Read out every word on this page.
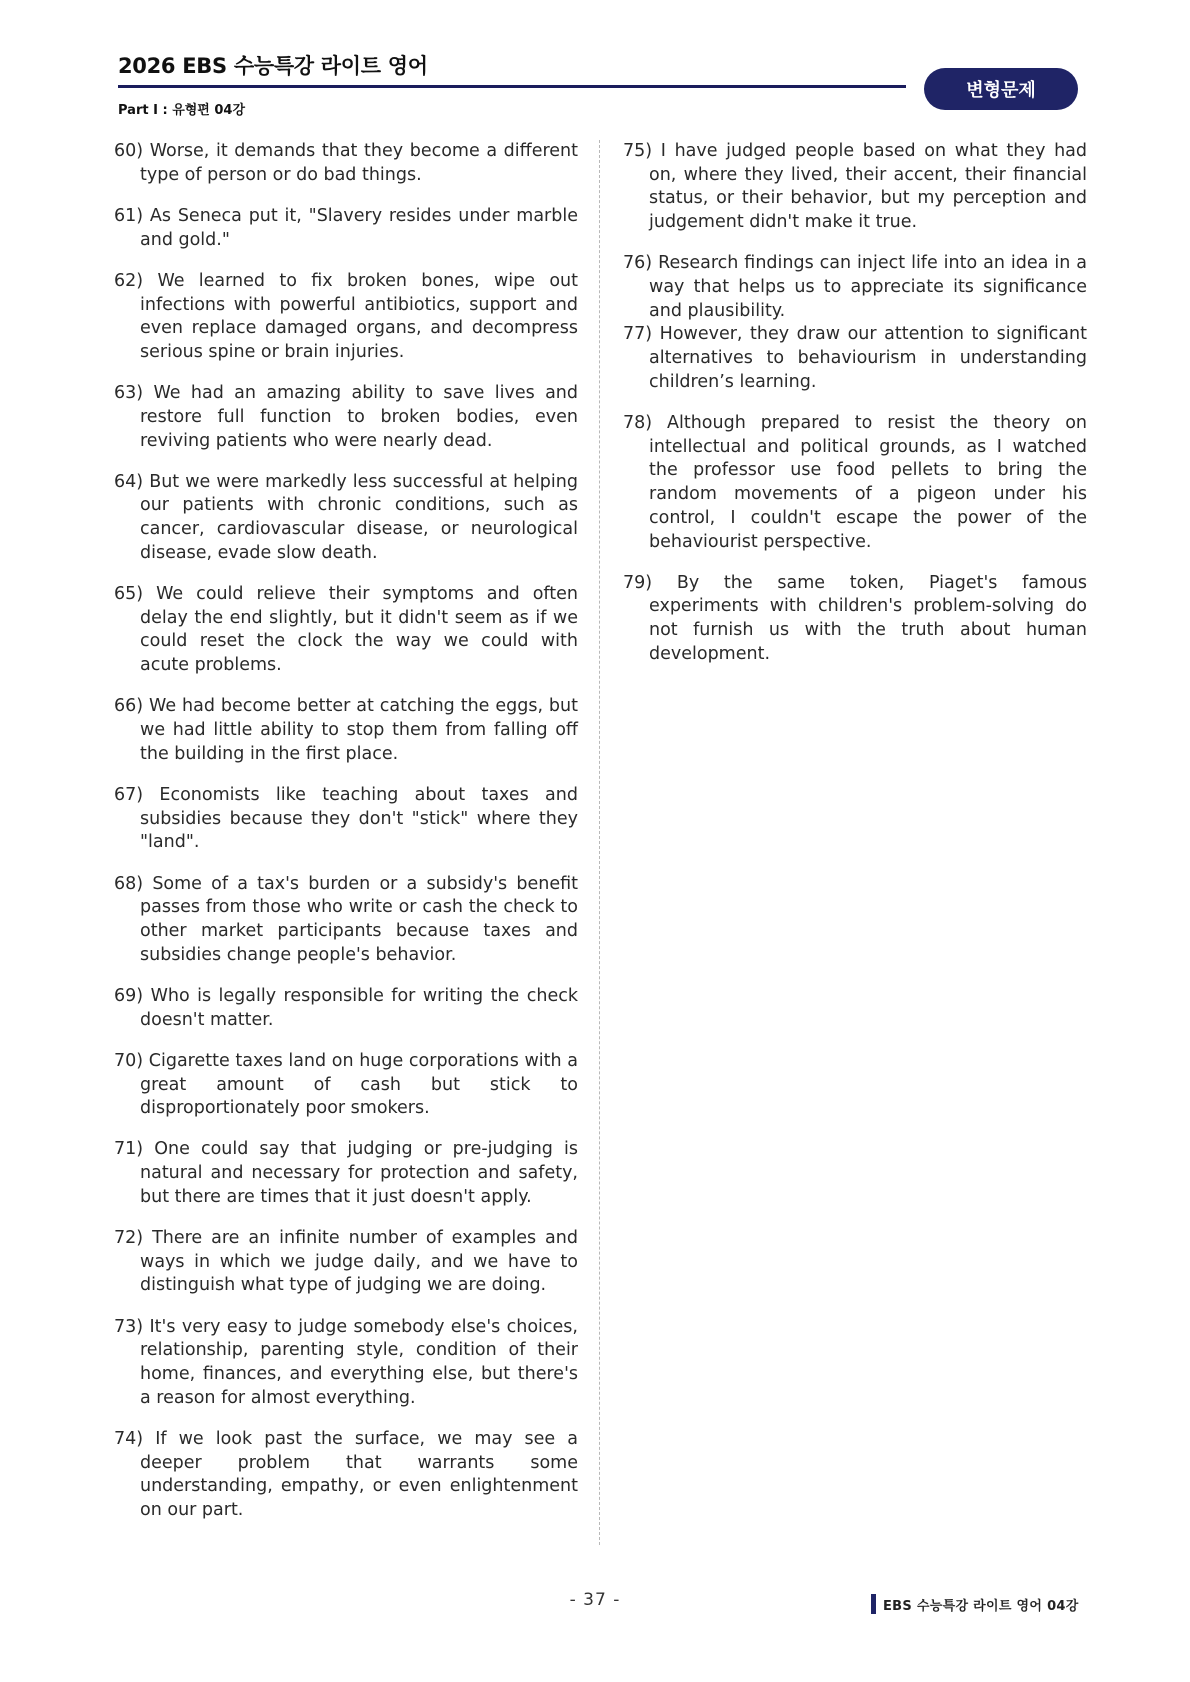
2026 EBS 수능특강 라이트 영어
Part Ⅰ : 유형편 04강
변형문제

60) Worse, it demands that they become a different type of person or do bad things.

61) As Seneca put it, "Slavery resides under marble and gold."

62) We learned to fix broken bones, wipe out infections with powerful antibiotics, support and even replace damaged organs, and decompress serious spine or brain injuries.

63) We had an amazing ability to save lives and restore full function to broken bodies, even reviving patients who were nearly dead.

64) But we were markedly less successful at helping our patients with chronic conditions, such as cancer, cardiovascular disease, or neurological disease, evade slow death.

65) We could relieve their symptoms and often delay the end slightly, but it didn't seem as if we could reset the clock the way we could with acute problems.

66) We had become better at catching the eggs, but we had little ability to stop them from falling off the building in the first place.

67) Economists like teaching about taxes and subsidies because they don't "stick" where they "land".

68) Some of a tax's burden or a subsidy's benefit passes from those who write or cash the check to other market participants because taxes and subsidies change people's behavior.

69) Who is legally responsible for writing the check doesn't matter.

70) Cigarette taxes land on huge corporations with a great amount of cash but stick to disproportionately poor smokers.

71) One could say that judging or pre-judging is natural and necessary for protection and safety, but there are times that it just doesn't apply.

72) There are an infinite number of examples and ways in which we judge daily, and we have to distinguish what type of judging we are doing.

73) It's very easy to judge somebody else's choices, relationship, parenting style, condition of their home, finances, and everything else, but there's a reason for almost everything.

74) If we look past the surface, we may see a deeper problem that warrants some understanding, empathy, or even enlightenment on our part.

75) I have judged people based on what they had on, where they lived, their accent, their financial status, or their behavior, but my perception and judgement didn't make it true.

76) Research findings can inject life into an idea in a way that helps us to appreciate its significance and plausibility.

77) However, they draw our attention to significant alternatives to behaviourism in understanding children’s learning.

78) Although prepared to resist the theory on intellectual and political grounds, as I watched the professor use food pellets to bring the random movements of a pigeon under his control, I couldn't escape the power of the behaviourist perspective.

79) By the same token, Piaget's famous experiments with children's problem-solving do not furnish us with the truth about human development.

- 37 -	EBS 수능특강 라이트 영어 04강
